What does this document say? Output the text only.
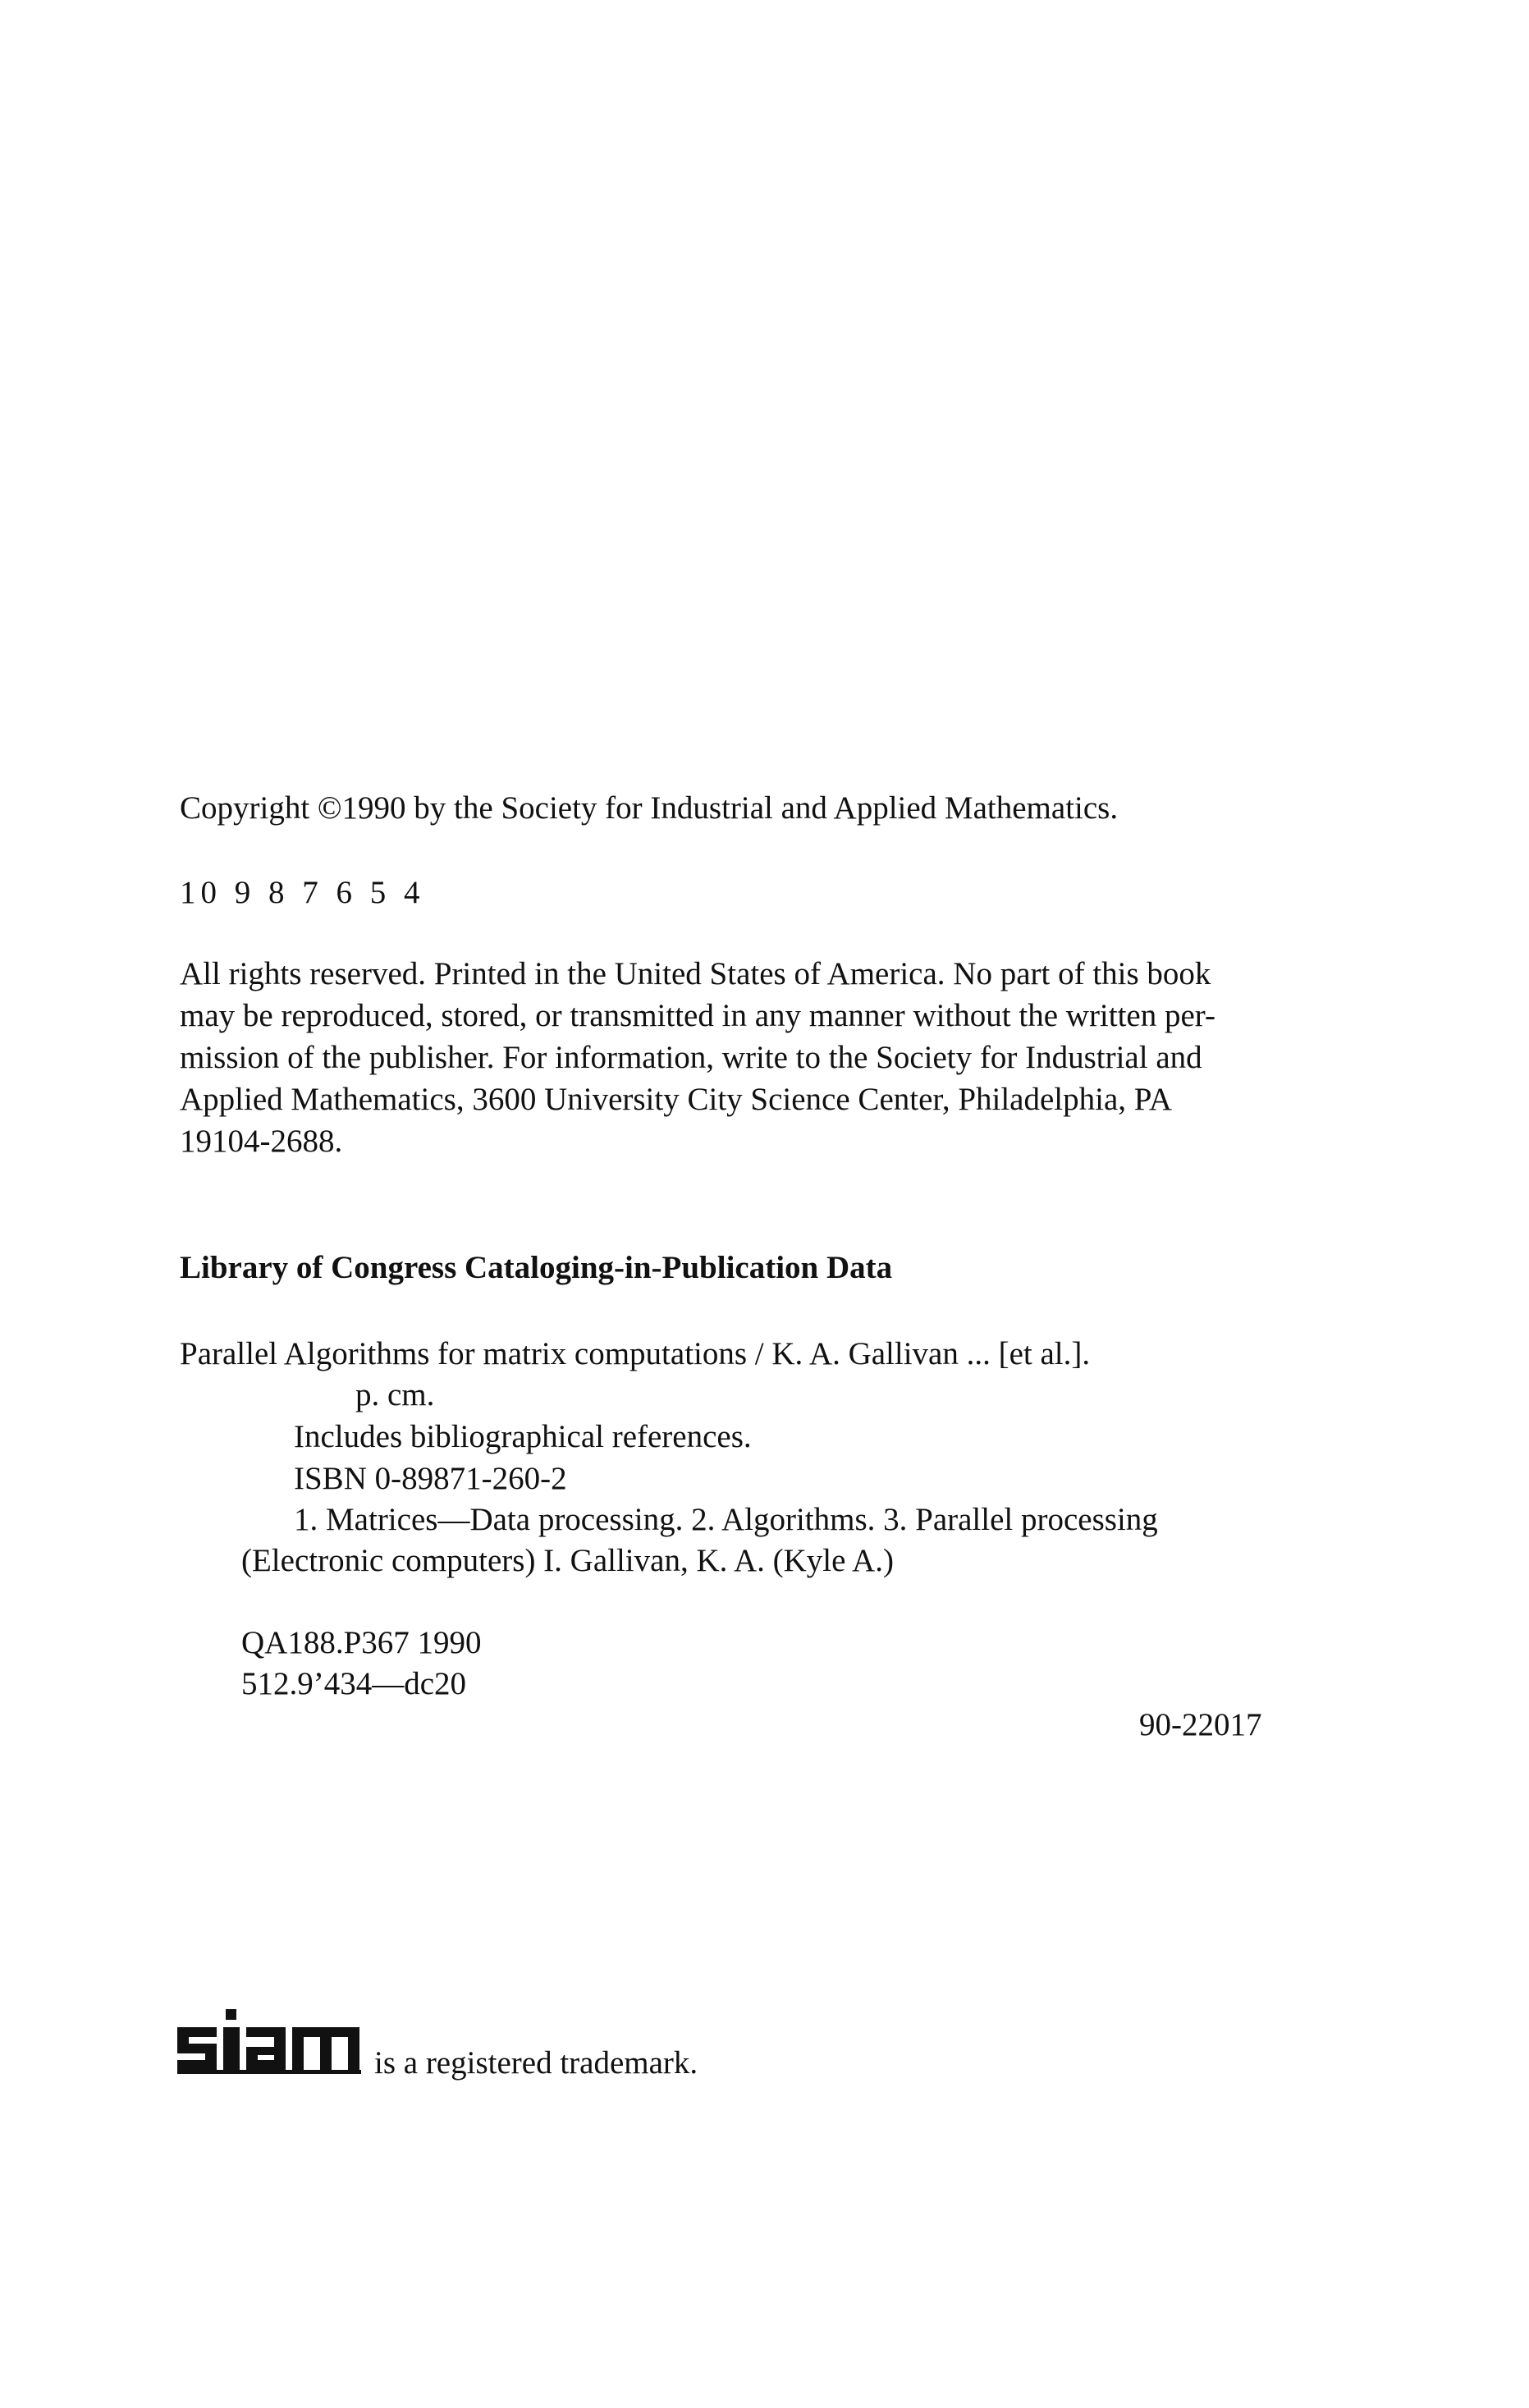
Copyright ©1990 by the Society for Industrial and Applied Mathematics.
10 9 8 7 6 5 4
All rights reserved. Printed in the United States of America. No part of this book
may be reproduced, stored, or transmitted in any manner without the written per-
mission of the publisher. For information, write to the Society for Industrial and
Applied Mathematics, 3600 University City Science Center, Philadelphia, PA
19104-2688.
Library of Congress Cataloging-in-Publication Data
Parallel Algorithms for matrix computations / K. A. Gallivan ... [et al.].
p. cm.
Includes bibliographical references.
ISBN 0-89871-260-2
1. Matrices—Data processing. 2. Algorithms. 3. Parallel processing
(Electronic computers) I. Gallivan, K. A. (Kyle A.)
QA188.P367 1990
512.9’434—dc20
90-22017
is a registered trademark.
